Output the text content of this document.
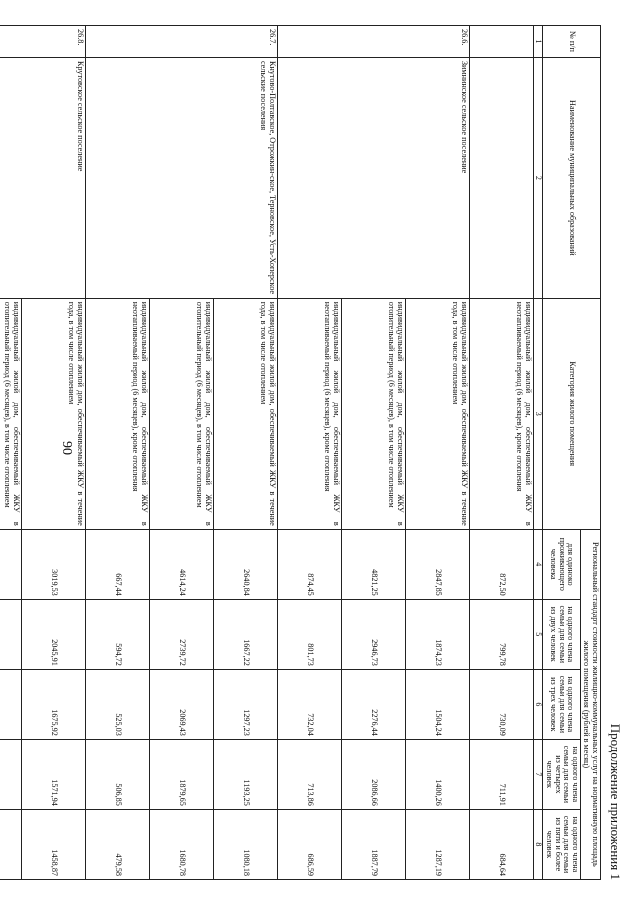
90
Продолжение приложения 1
№ п/п	Наименование муниципальных образований	Категория жилого помещения	Региональный стандарт стоимости жилищно-коммунальных услуг на нормативную площадь жилого помещения (рублей в месяц)				
			для одиноко проживающего человека	на одного члена семьи для семьи из двух человек	на одного члена семьи для семьи из трех человек	на одного члена семьи для семьи из четырех человек	на одного члена семьи для семьи из пяти и более человек
1	2	3	4	5	6	7	8
		индивидуальный жилой дом, обеспечиваемый ЖКУ в неотапливаемый период (6 месяцев), кроме отопления	872,50	799,78	730,09	711,91	684,64
26.6.	Зимнинское сельское поселение	индивидуальный жилой дом, обеспечиваемый ЖКУ в течение года, в том числе отоплением	2847,85	1874,23	1504,24	1400,26	1287,19
		индивидуальный жилой дом, обеспечиваемый ЖКУ в отопительный период (6 месяцев), в том числе отоплением	4821,25	2946,73	2276,44	2086,66	1887,79
		индивидуальный жилой дом, обеспечиваемый ЖКУ в неотапливаемый период (6 месяцев), кроме отопления	874,45	801,73	732,04	713,86	686,59
26.7.	Кнутово-Полтавское, Отрожкин-ское, Терновское, Усть-Хоперское сельские поселения	индивидуальный жилой дом, обеспечиваемый ЖКУ в течение года, в том числе отоплением	2640,84	1667,22	1297,23	1193,25	1080,18
		индивидуальный жилой дом, обеспечиваемый ЖКУ в отопительный период (6 месяцев), в том числе отоплением	4614,24	2739,72	2069,43	1879,65	1680,78
		индивидуальный жилой дом, обеспечиваемый ЖКУ в неотапливаемый период (6 месяцев), кроме отопления	667,44	594,72	525,03	506,85	479,58
26.8.	Крутовское сельское поселение	индивидуальный жилой дом, обеспечиваемый ЖКУ в течение года, в том числе отоплением	3019,53	2045,91	1675,92	1571,94	1458,87
		индивидуальный жилой дом, обеспечиваемый ЖКУ в отопительный период (6 месяцев), в том числе отоплением					
